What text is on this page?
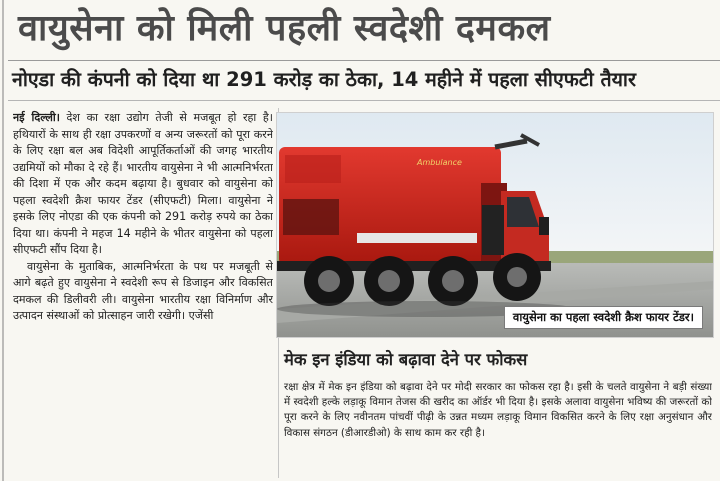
वायुसेना को मिली पहली स्वदेशी दमकल
नोएडा की कंपनी को दिया था 291 करोड़ का ठेका, 14 महीने में पहला सीएफटी तैयार

नई दिल्ली। देश का रक्षा उद्योग तेजी से मजबूत हो रहा है। हथियारों के साथ ही रक्षा उपकरणों व अन्य जरूरतों को पूरा करने के लिए रक्षा बल अब विदेशी आपूर्तिकर्ताओं की जगह भारतीय उद्यमियों को मौका दे रहे हैं। भारतीय वायुसेना ने भी आत्मनिर्भरता की दिशा में एक और कदम बढ़ाया है। बुधवार को वायुसेना को पहला स्वदेशी क्रैश फायर टेंडर (सीएफटी) मिला। वायुसेना ने इसके लिए नोएडा की एक कंपनी को 291 करोड़ रुपये का ठेका दिया था। कंपनी ने महज 14 महीने के भीतर वायुसेना को पहला सीएफटी सौंप दिया है।

वायुसेना के मुताबिक, आत्मनिर्भरता के पथ पर मजबूती से आगे बढ़ते हुए वायुसेना ने स्वदेशी रूप से डिजाइन और विकसित दमकल की डिलीवरी ली। वायुसेना भारतीय रक्षा विनिर्माण और उत्पादन संस्थाओं को प्रोत्साहन जारी रखेगी। एजेंसी

Ambulance
वायुसेना का पहला स्वदेशी क्रैश फायर टेंडर।
मेक इन इंडिया को बढ़ावा देने पर फोकस

रक्षा क्षेत्र में मेक इन इंडिया को बढ़ावा देने पर मोदी सरकार का फोकस रहा है। इसी के चलते वायुसेना ने बड़ी संख्या में स्वदेशी हल्के लड़ाकू विमान तेजस की खरीद का ऑर्डर भी दिया है। इसके अलावा वायुसेना भविष्य की जरूरतों को पूरा करने के लिए नवीनतम पांचवीं पीढ़ी के उन्नत मध्यम लड़ाकू विमान विकसित करने के लिए रक्षा अनुसंधान और विकास संगठन (डीआरडीओ) के साथ काम कर रही है।
